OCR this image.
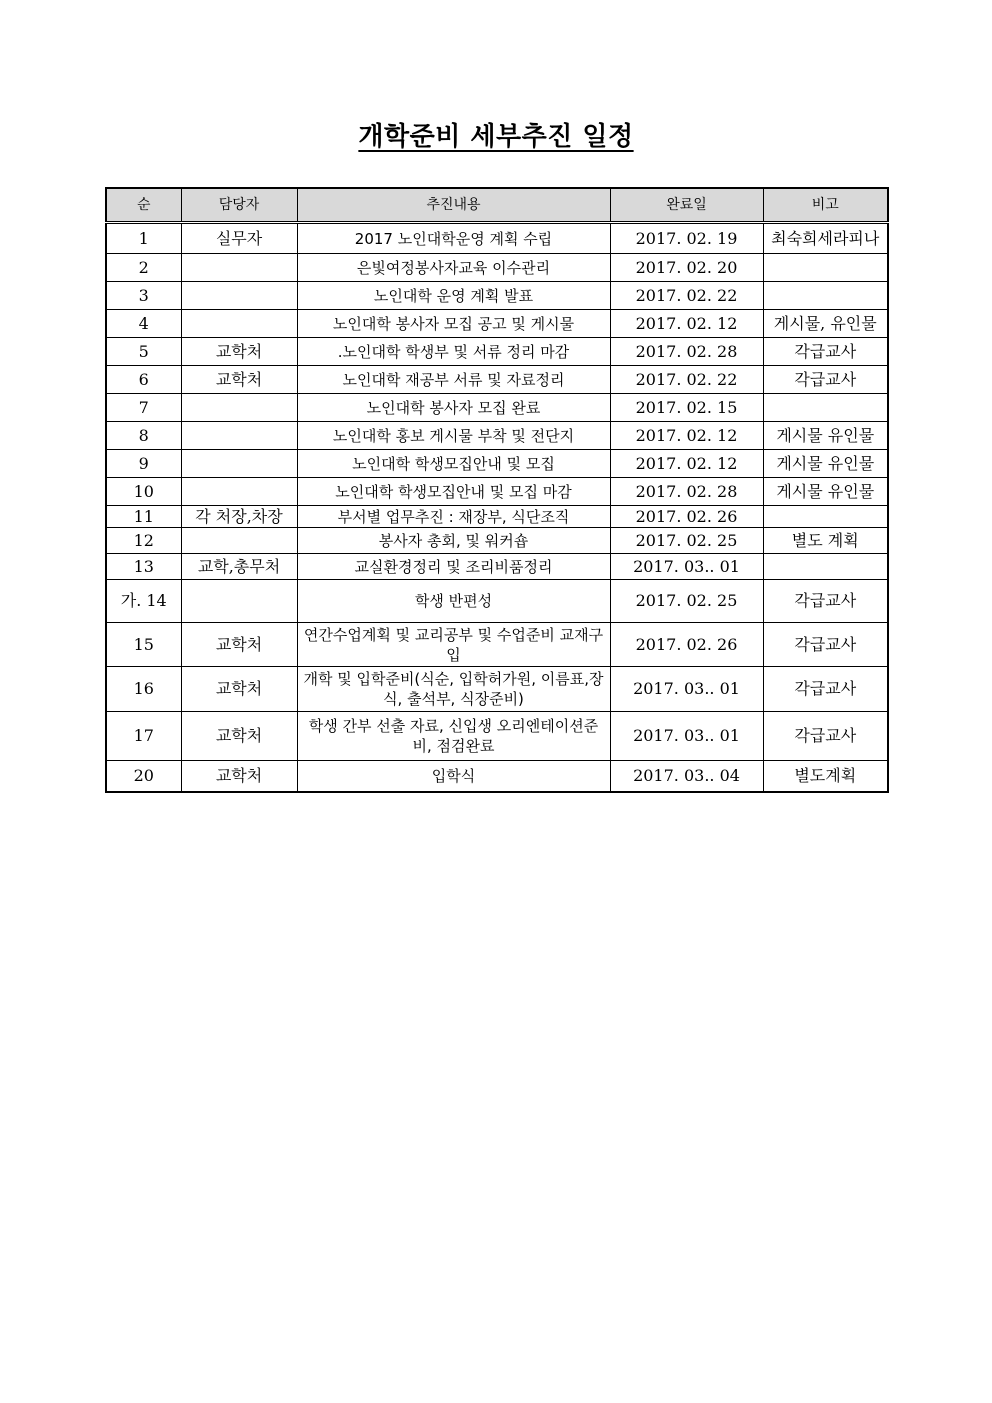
개학준비 세부추진 일정
순	담당자	추진내용	완료일	비고
1	실무자	2017 노인대학운영 계획 수립	2017. 02. 19	최숙희세라피나
2		은빛여정봉사자교육 이수관리	2017. 02. 20	
3		노인대학 운영 계획 발표	2017. 02. 22	
4		노인대학 봉사자 모집 공고 및 게시물	2017. 02. 12	게시물, 유인물
5	교학처	.노인대학 학생부 및 서류 정리 마감	2017. 02. 28	각급교사
6	교학처	노인대학 재공부 서류 및 자료정리	2017. 02. 22	각급교사
7		노인대학 봉사자 모집 완료	2017. 02. 15	
8		노인대학 홍보 게시물 부착 및 전단지	2017. 02. 12	게시물 유인물
9		노인대학 학생모집안내 및 모집	2017. 02. 12	게시물 유인물
10		노인대학 학생모집안내 및 모집 마감	2017. 02. 28	게시물 유인물
11	각 처장,차장	부서별 업무추진 : 재장부, 식단조직	2017. 02. 26	
12		봉사자 총회, 및 워커숍	2017. 02. 25	별도 계획
13	교학,총무처	교실환경정리 및 조리비품정리	2017. 03.. 01	
가. 14		학생 반편성	2017. 02. 25	각급교사
15	교학처	연간수업계획 및 교리공부 및 수업준비 교재구입	2017. 02. 26	각급교사
16	교학처	개학 및 입학준비(식순, 입학허가원, 이름표,장식, 출석부, 식장준비)	2017. 03.. 01	각급교사
17	교학처	학생 간부 선출 자료, 신입생 오리엔테이션준비, 점검완료	2017. 03.. 01	각급교사
20	교학처	입학식	2017. 03.. 04	별도계획
